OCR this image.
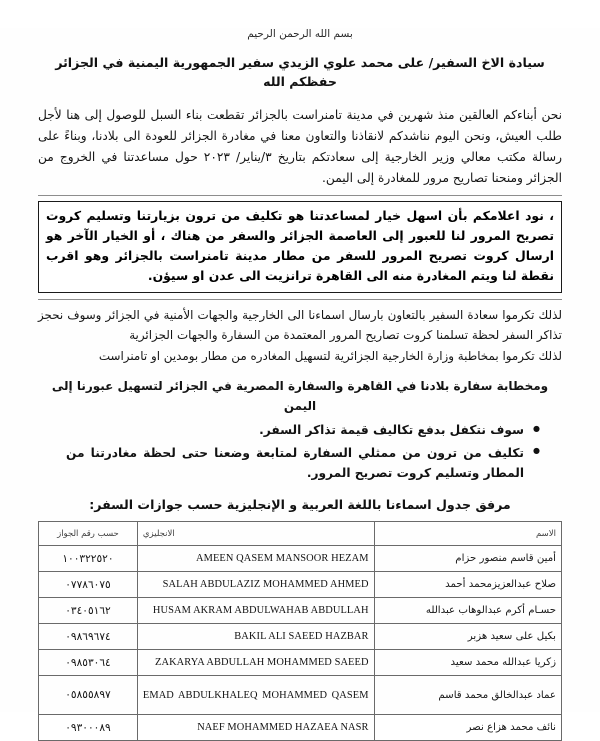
بسم الله الرحمن الرحيم
سيادة الاخ السفير/ على محمد علوي الزيدي سفير الجمهورية اليمنية في الجزائر حفظكم الله

نحن أبناءكم العالقين منذ شهرين في مدينة تامنراست بالجزائر تقطعت بناء السبل للوصول إلى هنا لأجل طلب العيش، ونحن اليوم نناشدكم لانقاذنا والتعاون معنا في مغادرة الجزائر للعودة الى بلادنا، وبناءً على رسالة مكتب معالي وزير الخارجية إلى سعادتكم بتاريخ ٣/يناير/ ٢٠٢٣ حول مساعدتنا في الخروج من الجزائر ومنحنا تصاريح مرور للمغادرة إلى اليمن.

، نود اعلامكم بأن اسهل خيار لمساعدتنا هو تكليف من ترون بزيارتنا وتسليم كروت تصريح المرور لنا للعبور إلى العاصمة الجزائر والسفر من هناك ، أو الخيار الآخر هو ارسال كروت تصريح المرور للسفر من مطار مدينة تامنراست بالجزائر وهو اقرب نقطة لنا ويتم المغادرة منه الى القاهرة ترانزيت الى عدن او سيؤن.

لذلك تكرموا سعادة السفير بالتعاون بارسال اسماءنا الى الخارجية والجهات الأمنية في الجزائر وسوف نحجز تذاكر السفر لحظة تسلمنا كروت تصاريح المرور المعتمدة من السفارة والجهات الجزائرية

لذلك تكرموا بمخاطبة وزارة الخارجية الجزائرية لتسهيل المغادره من مطار بومدين او تامنراست

ومخطابة سفارة بلادنا في القاهرة والسفارة المصرية في الجزائر لتسهيل عبورنا إلى اليمن
● سوف نتكفل بدفع تكاليف قيمة تذاكر السفر.
● تكليف من ترون من ممثلي السفارة لمتابعة وضعنا حتى لحظة مغادرتنا من المطار وتسليم كروت تصريح المرور.
مرفق جدول اسماءنا باللغة العربية و الإنجليزية حسب جوازات السفر:
الاسم	الانجليزي	حسب رقم الجواز
أمين قاسم منصور حزام	AMEEN QASEM MANSOOR HEZAM	١٠٠٣٢٢٥٢٠
صلاح عبدالعزيزمحمد أحمد	SALAH ABDULAZIZ MOHAMMED AHMED	٠٧٧٨٦٠٧٥
حسـام أكرم عبدالوهاب عبدالله	HUSAM AKRAM ABDULWAHAB ABDULLAH	٠٣٤٠٥١٦٢
بكيل على سعيد هزبر	BAKIL ALI SAEED HAZBAR	٠٩٨٦٩٦٧٤
زكريا عبدالله محمد سعيد	ZAKARYA ABDULLAH MOHAMMED SAEED	٠٩٨٥٣٠٦٤
عماد عبدالخالق محمد قاسم	EMAD ABDULKHALEQ MOHAMMED QASEM	٠٥٨٥٥٨٩٧
نائف محمد هزاع نصر	NAEF MOHAMMED HAZAEA NASR	٠٩٣٠٠٠٨٩
